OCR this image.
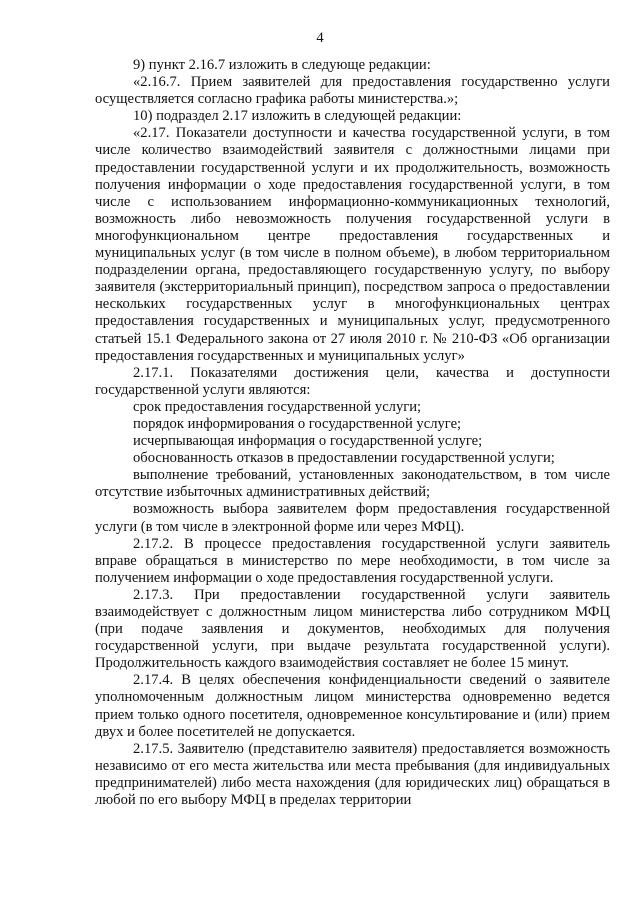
4

9) пункт 2.16.7 изложить в следующе редакции:

«2.16.7. Прием заявителей для предоставления государственно услуги осуществляется согласно графика работы министерства.»;

10) подраздел 2.17 изложить в следующей редакции:

«2.17. Показатели доступности и качества государственной услуги, в том числе количество взаимодействий заявителя с должностными лицами при предоставлении государственной услуги и их продолжительность, возможность получения информации о ходе предоставления государственной услуги, в том числе с использованием информационно-коммуникационных технологий, возможность либо невозможность получения государственной услуги в многофункциональном центре предоставления государственных и муниципальных услуг (в том числе в полном объеме), в любом территориальном подразделении органа, предоставляющего государственную услугу, по выбору заявителя (экстерриториальный принцип), посредством запроса о предоставлении нескольких государственных услуг в многофункциональных центрах предоставления государственных и муниципальных услуг, предусмотренного статьей 15.1 Федерального закона от 27 июля 2010 г. № 210-ФЗ «Об организации предоставления государственных и муниципальных услуг»

2.17.1. Показателями достижения цели, качества и доступности государственной услуги являются:

срок предоставления государственной услуги;

порядок информирования о государственной услуге;

исчерпывающая информация о государственной услуге;

обоснованность отказов в предоставлении государственной услуги;

выполнение требований, установленных законодательством, в том числе отсутствие избыточных административных действий;

возможность выбора заявителем форм предоставления государственной услуги (в том числе в электронной форме или через МФЦ).

2.17.2. В процессе предоставления государственной услуги заявитель вправе обращаться в министерство по мере необходимости, в том числе за получением информации о ходе предоставления государственной услуги.

2.17.3. При предоставлении государственной услуги заявитель взаимодействует с должностным лицом министерства либо сотрудником МФЦ (при подаче заявления и документов, необходимых для получения государственной услуги, при выдаче результата государственной услуги). Продолжительность каждого взаимодействия составляет не более 15 минут.

2.17.4. В целях обеспечения конфиденциальности сведений о заявителе уполномоченным должностным лицом министерства одновременно ведется прием только одного посетителя, одновременное консультирование и (или) прием двух и более посетителей не допускается.

2.17.5. Заявителю (представителю заявителя) предоставляется возможность независимо от его места жительства или места пребывания (для индивидуальных предпринимателей) либо места нахождения (для юридических лиц) обращаться в любой по его выбору МФЦ в пределах территории
